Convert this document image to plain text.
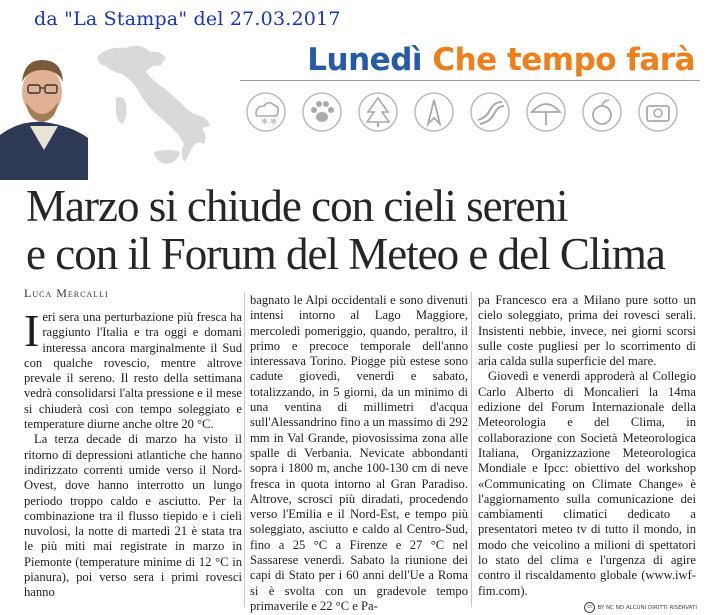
da "La Stampa" del 27.03.2017
Lunedì Che tempo farà
✻ ✻
Marzo si chiude con cieli sereni
e con il Forum del Meteo e del Clima
Luca Mercalli

Ieri sera una perturbazione più fresca ha raggiunto l'Italia e tra oggi e domani interessa ancora marginalmente il Sud con qualche rovescio, mentre altrove prevale il sereno. Il resto della settimana vedrà consolidarsi l'alta pressione e il mese si chiuderà così con tempo soleggiato e temperature diurne anche oltre 20 °C.

La terza decade di marzo ha visto il ritorno di depressioni atlantiche che hanno indirizzato correnti umide verso il Nord-Ovest, dove hanno interrotto un lungo periodo troppo caldo e asciutto. Per la combinazione tra il flusso tiepido e i cieli nuvolosi, la notte di martedì 21 è stata tra le più miti mai registrate in marzo in Piemonte (temperature minime di 12 °C in pianura), poi verso sera i primi rovesci hanno

bagnato le Alpi occidentali e sono divenuti intensi intorno al Lago Maggiore, mercoledì pomeriggio, quando, peraltro, il primo e precoce temporale dell'anno interessava Torino. Piogge più estese sono cadute giovedì, venerdì e sabato, totalizzando, in 5 giorni, da un minimo di una ventina di millimetri d'acqua sull'Alessandrino fino a un massimo di 292 mm in Val Grande, piovosissima zona alle spalle di Verbania. Nevicate abbondanti sopra i 1800 m, anche 100-130 cm di neve fresca in quota intorno al Gran Paradiso. Altrove, scrosci più diradati, procedendo verso l'Emilia e il Nord-Est, e tempo più soleggiato, asciutto e caldo al Centro-Sud, fino a 25 °C a Firenze e 27 °C nel Sassarese venerdì. Sabato la riunione dei capi di Stato per i 60 anni dell'Ue a Roma si è svolta con un gradevole tempo primaverile e 22 °C e Pa-

pa Francesco era a Milano pure sotto un cielo soleggiato, prima dei rovesci serali. Insistenti nebbie, invece, nei giorni scorsi sulle coste pugliesi per lo scorrimento di aria calda sulla superficie del mare.

Giovedì e venerdì approderà al Collegio Carlo Alberto di Moncalieri la 14ma edizione del Forum Internazionale della Meteorologia e del Clima, in collaborazione con Società Meteorologica Italiana, Organizzazione Meteorologica Mondiale e Ipcc: obiettivo del workshop «Communicating on Climate Change» è l'aggiornamento sulla comunicazione dei cambiamenti climatici dedicato a presentatori meteo tv di tutto il mondo, in modo che veicolino a milioni di spettatori lo stato del clima e l'urgenza di agire contro il riscaldamento globale (www.iwf-fim.com).

cc BY NC ND ALCUNI DIRITTI RISERVATI
